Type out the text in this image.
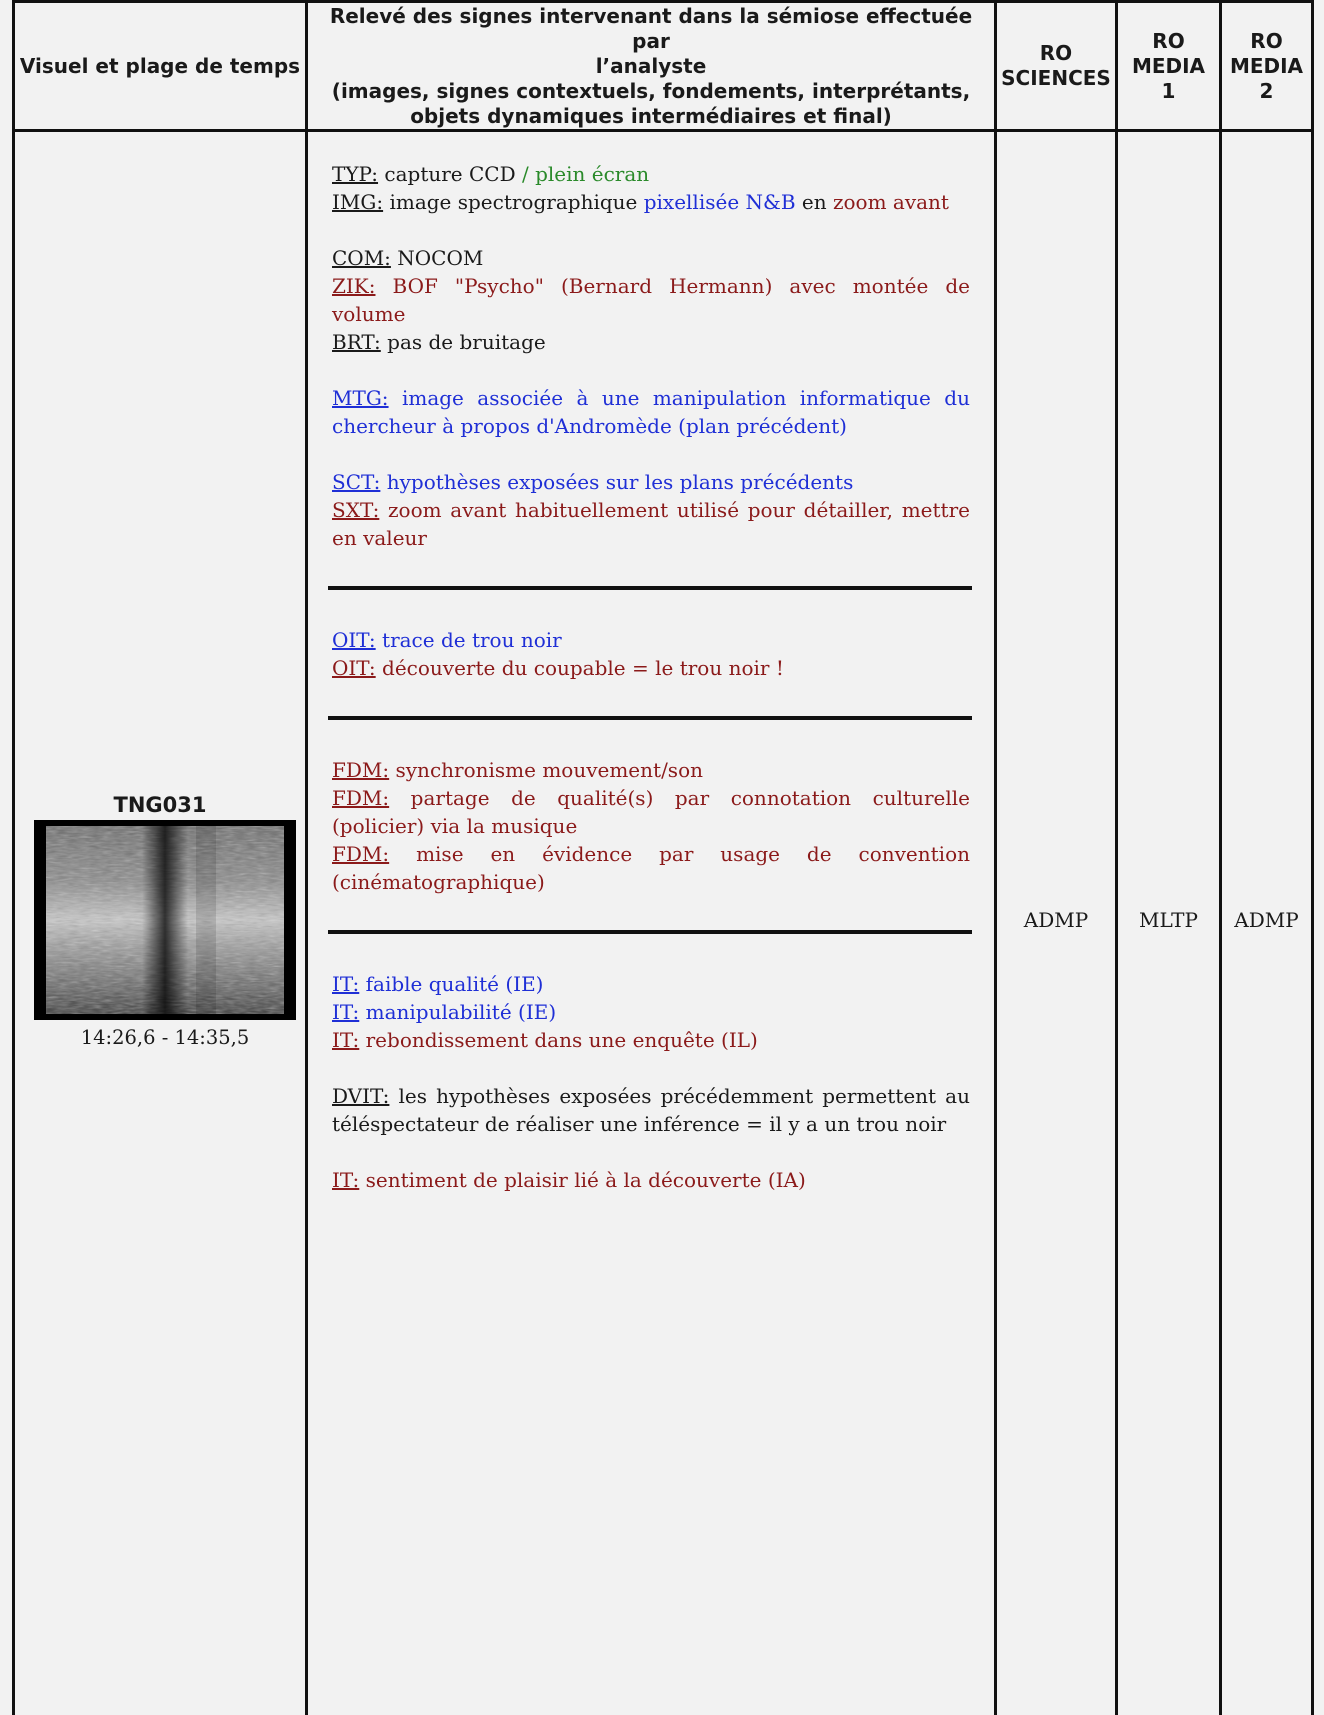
Visuel et plage de temps
Relevé des signes intervenant dans la sémiose effectuée par
l’analyste
(images, signes contextuels, fondements, interprétants,
objets dynamiques intermédiaires et final)
RO
SCIENCES
RO
MEDIA
1
RO
MEDIA
2
TNG031
14:26,6 - 14:35,5

TYP: capture CCD / plein écran

IMG: image spectrographique pixellisée N&B en zoom avant

COM: NOCOM

ZIK: BOF "Psycho" (Bernard Hermann) avec montée de

volume

BRT: pas de bruitage

MTG: image associée à une manipulation informatique du

chercheur à propos d'Andromède (plan précédent)

SCT: hypothèses exposées sur les plans précédents

SXT: zoom avant habituellement utilisé pour détailler, mettre

en valeur

OIT: trace de trou noir

OIT: découverte du coupable = le trou noir !

FDM: synchronisme mouvement/son

FDM: partage de qualité(s) par connotation culturelle

(policier) via la musique

FDM: mise en évidence par usage de convention

(cinématographique)

IT: faible qualité (IE)

IT: manipulabilité (IE)

IT: rebondissement dans une enquête (IL)

DVIT: les hypothèses exposées précédemment permettent au

téléspectateur de réaliser une inférence = il y a un trou noir

IT: sentiment de plaisir lié à la découverte (IA)

ADMP	MLTP	ADMP
